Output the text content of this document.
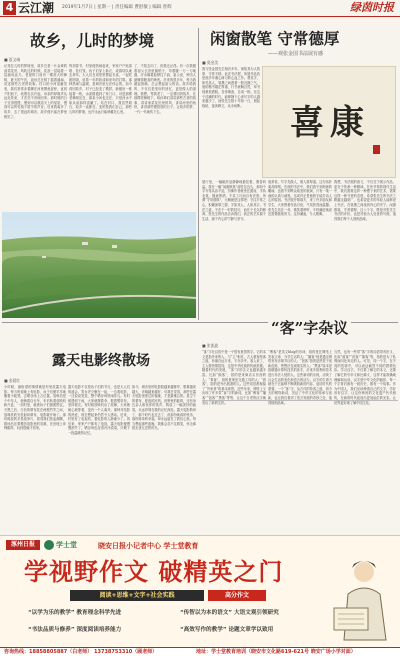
4 云江潮 2019年1月7日 | 星期一 | 责任编辑 曹舒敏 | 编辑 曾辉	绿茵时报
故乡，儿时的梦境
■ 夏文端
记得在儿时的梦境里，故乡总是一片金黄的油菜花田，风吹过的时候，花浪一层接着一层涌向远方。老屋的门前有一棵高大的樟树，夏天的午后，祖母总在树下摇着蒲扇，讲述那些古老的故事。村口的小河清澈见底，我们常常赤着脚在河里摸鱼捉虾，直到夕阳西下，炊烟袅袅升起，母亲的呼唤声从远处传来，才恋恋不舍地回家。那时候的日子过得很慢，慢到可以数清天上的星星，慢到可以听见稻子拔节的声音。后来我离开了故乡，去了很远的城市，故乡便只能在梦里相见了。
每到春节，村里便热闹起来，家家户户贴春联、挂灯笼，孩子们穿上新衣，成群结队地去拜年。大人们在祠堂里摆起长桌，一起吃团圆饭，说着一年的收成和来年的打算。那种热闹与温暖，是城市里无法体会的。如今再回故乡，村子已经变了模样，新楼房一栋接着一栋，水泥路通到了家门口，可是那棵老樟树还在，那条小河也还在，只是河水不如从前那样清澈了。站在村口，我忽然明白，故乡一直都在，变的是我们自己。那些儿时的梦境，也许永远只能珍藏在心里。
了，不知去向了，但我还记得。有一次我跟着祖父去田里割稻子，弯着腰一刀一刀地割，汗水顺着脸颊往下淌，祖父说，种田人最懂得粮食的珍贵。后来的很多年，每当我端起饭碗，总会想起祖父的话。故乡给我的，不仅仅是美好的回忆，更是做人的道理。我想，等我老了，一定要回到故乡，在那棵老樟树下，给孙辈们讲讲那些古老的故事，讲讲油菜花田里的风，讲讲河里的鱼虾，讲讲那些慢悠悠的日子。让故乡的梦，一代一代地传下去。
闲窗散笔 守常德厚
——观张金国书法展有感
■ 莫金美
我与张金国先生相识多年，深知其为人敦厚、守常不移。此次书法展，所展作品皆是他多年潜心研习的心血之作。观其字，如见其人，笔墨之间透着一股沉静之气。他的楷书端庄厚重，行书流畅自然，草书则豪放洒脱，各体兼备，自成一格。在这个浮躁的时代，能够静下心来写字的人越来越少了，而张先生数十年如一日，晨起临帖，夜读碑文，从未间断。	喜康
展厅里，一幅幅作品静静地悬挂着，墨香四溢。我在一幅“闲窗散笔”前驻足良久，那四个字写得从容不迫，仿佛作者就坐在窗前，手执毛笔，随意挥洒，不求工巧而自有法度。所谓“守常德厚”，大概就是这样吧：守住平常之心，积累深厚之德，字如其人，人如其字。书法之道，不在于一时的技巧，而在于长久的修养。张先生的作品告诉我们，真正的艺术源于生活，源于内心的宁静与坚守。
他常说，写字先做人，做人要厚道。这句话朴素却深刻。在他的书法中，我们看不到刻意的雕琢，也看不到哗众取宠的表演，只有一笔一画的认真与诚恳。这或许正是他的字能打动人心的原因。书法展开幕那天，来了许多朋友和学生，大家围着作品讨论，气氛热烈而温馨。张先生站在一旁，微笑着聆听，不时谦虚地说还需要继续努力。这份谦逊，令人敬佩。
我想，书法展的意义，不仅在于展示作品，更在于传承一种精神。在快节奏的现代生活中，我们需要这样一种慢下来的艺术，需要这样一种守常的态度。希望张先生的书法之路越走越宽广，也希望更多的年轻人能够爱上书法，在笔墨之间找到内心的安宁。闲窗散笔，守常德厚，这八个字，既是对张先生书法的评价，也是对他为人处世的写照，值得我们每个人细细品味。
“客”字杂议
■ 张凯旋
“客”字在汉语中是一个很有意思的字。它的本义是指外来的人，与“主”相对。古人重视待客之道，有朋自远方来，不亦乐乎。客人来了，主人要热情招待，这是中华民族的传统美德。随着时代的发展，“客”字的含义也越来越丰富。比如“顾客”，指的是来商店买东西的人；“乘客”，指的是乘坐交通工具的人；“游客”，指的是外出旅游的人。这些词语都保留了“外来者”的基本意思。近些年来，网络上又出现了许多带“客”字的新词，比如“博客”“播客”“创客”“黑客”等等，让这个古老的汉字焕发出了新的生机。
“博客”是英文blog的音译，指的是在网络上发表文章、分享生活的人；“播客”则是通过网络发布音频节目的人；“创客”指的是热衷于创新创造、把想法变成现实的人；“黑客”原本是指精通计算机技术的高手，后来多指利用技术进行非法入侵的人。这些新词的出现，反映了社会生活的变化和语言的活力。汉字的生命力就在于它能够不断吸收新的内容，适应时代的需要。一个“客”字，从古代的待客之道，到今天的网络新词，见证了中华文化的传承与创新，也让我们看到了语言发展的奇妙之处，值得细细品味。
当然，也有一些带“客”字的词语带有贬义，比如“政客”“说客”“掮客”等，指的是为了私利而四处奔走的人。可见，同一个字，在不同的语境中，可以表达截然不同的感情色彩。学习汉字，不仅要了解它的本义，还要了解它的引申义和比喻义，这样才能准确地理解和运用。汉字是中华文化的载体，每一个字背后都有一段历史，都有一个故事。作为中国人，我们应该珍惜自己的文字，学好用好汉字，让这份珍贵的文化遗产代代相传，在新的时代绽放出更加灿烂的光彩，让世界更好地了解中国文化。
露天电影终散场
■ 金晨红
小时候，最盼望的事情就是村里放露天电影。每当听说晚上有电影，孩子们便早早地搬着小板凳，去晒谷场上占位置。放映员是个中年人，他骑着自行车，车后驮着放映机和片盒，一到村里，就被孩子们团团围住。天黑之后，白色的幕布挂在两根竹竿之间，放映机的光柱射向幕布，电影就开始了。那时候放的多是战争片，看得我们热血沸腾，散场后还要模仿电影里的英雄，在田埂上冲锋陷阵，玩到很晚才回家。
露天电影不仅是孩子们的节日，也是大人们的盛会。男女老少聚在一起，一边看电影，一边说说笑笑，整个晒谷场热闹非凡。有时候遇到下雨，大家就撑着伞，披着塑料布，坚持看完。有时候放映机出了故障，大家就耐心地等着，没有一个人离开。那种对电影的热爱，现在想起来仍然令人感动。后来，村里有了电视机，看电影的人渐渐少了。再后来，家家户户都有了电视，露天电影便慢慢消失了，晒谷场也变得冷冷清清，只剩下一段温暖的记忆。
如今，城市里的电影院越来越豪华，银幕越来越大，音响越来越好，可我总觉得，那些在露天电影里度过的夜晚，才是最难忘的。星空下的幕布，夏夜的凉风，田野里的蛙鸣，还有身边亲人和伙伴的笑声，构成了一幅美好的画卷，永远印刻在我的记忆深处。露天电影散场了，那个时代也过去了，但那份纯真的快乐，那份简单的幸福，却永远留在了我们心里。每当想起那些夜晚，我都会忍不住微笑，怀念那段无忧无虑的时光。
涿州日报	学士堂	晓安日报小记者中心 学士堂教育
学视野作文 破精英之门
阅读+思维+文字+社会实践	高分作文
“以学为乐的教学” 教育理念科学先进	“传智以为本的语文” 大语文观引领研究
“书法品质与修养” 深度阅读培养能力	“高效写作的教学” 论题文章学以致用
咨询热线：18858805887（白老师） 13738753310（顾老师）	地址：学士堂教育培训（晓安市文化路619-621号 晓安广场小学对面）
